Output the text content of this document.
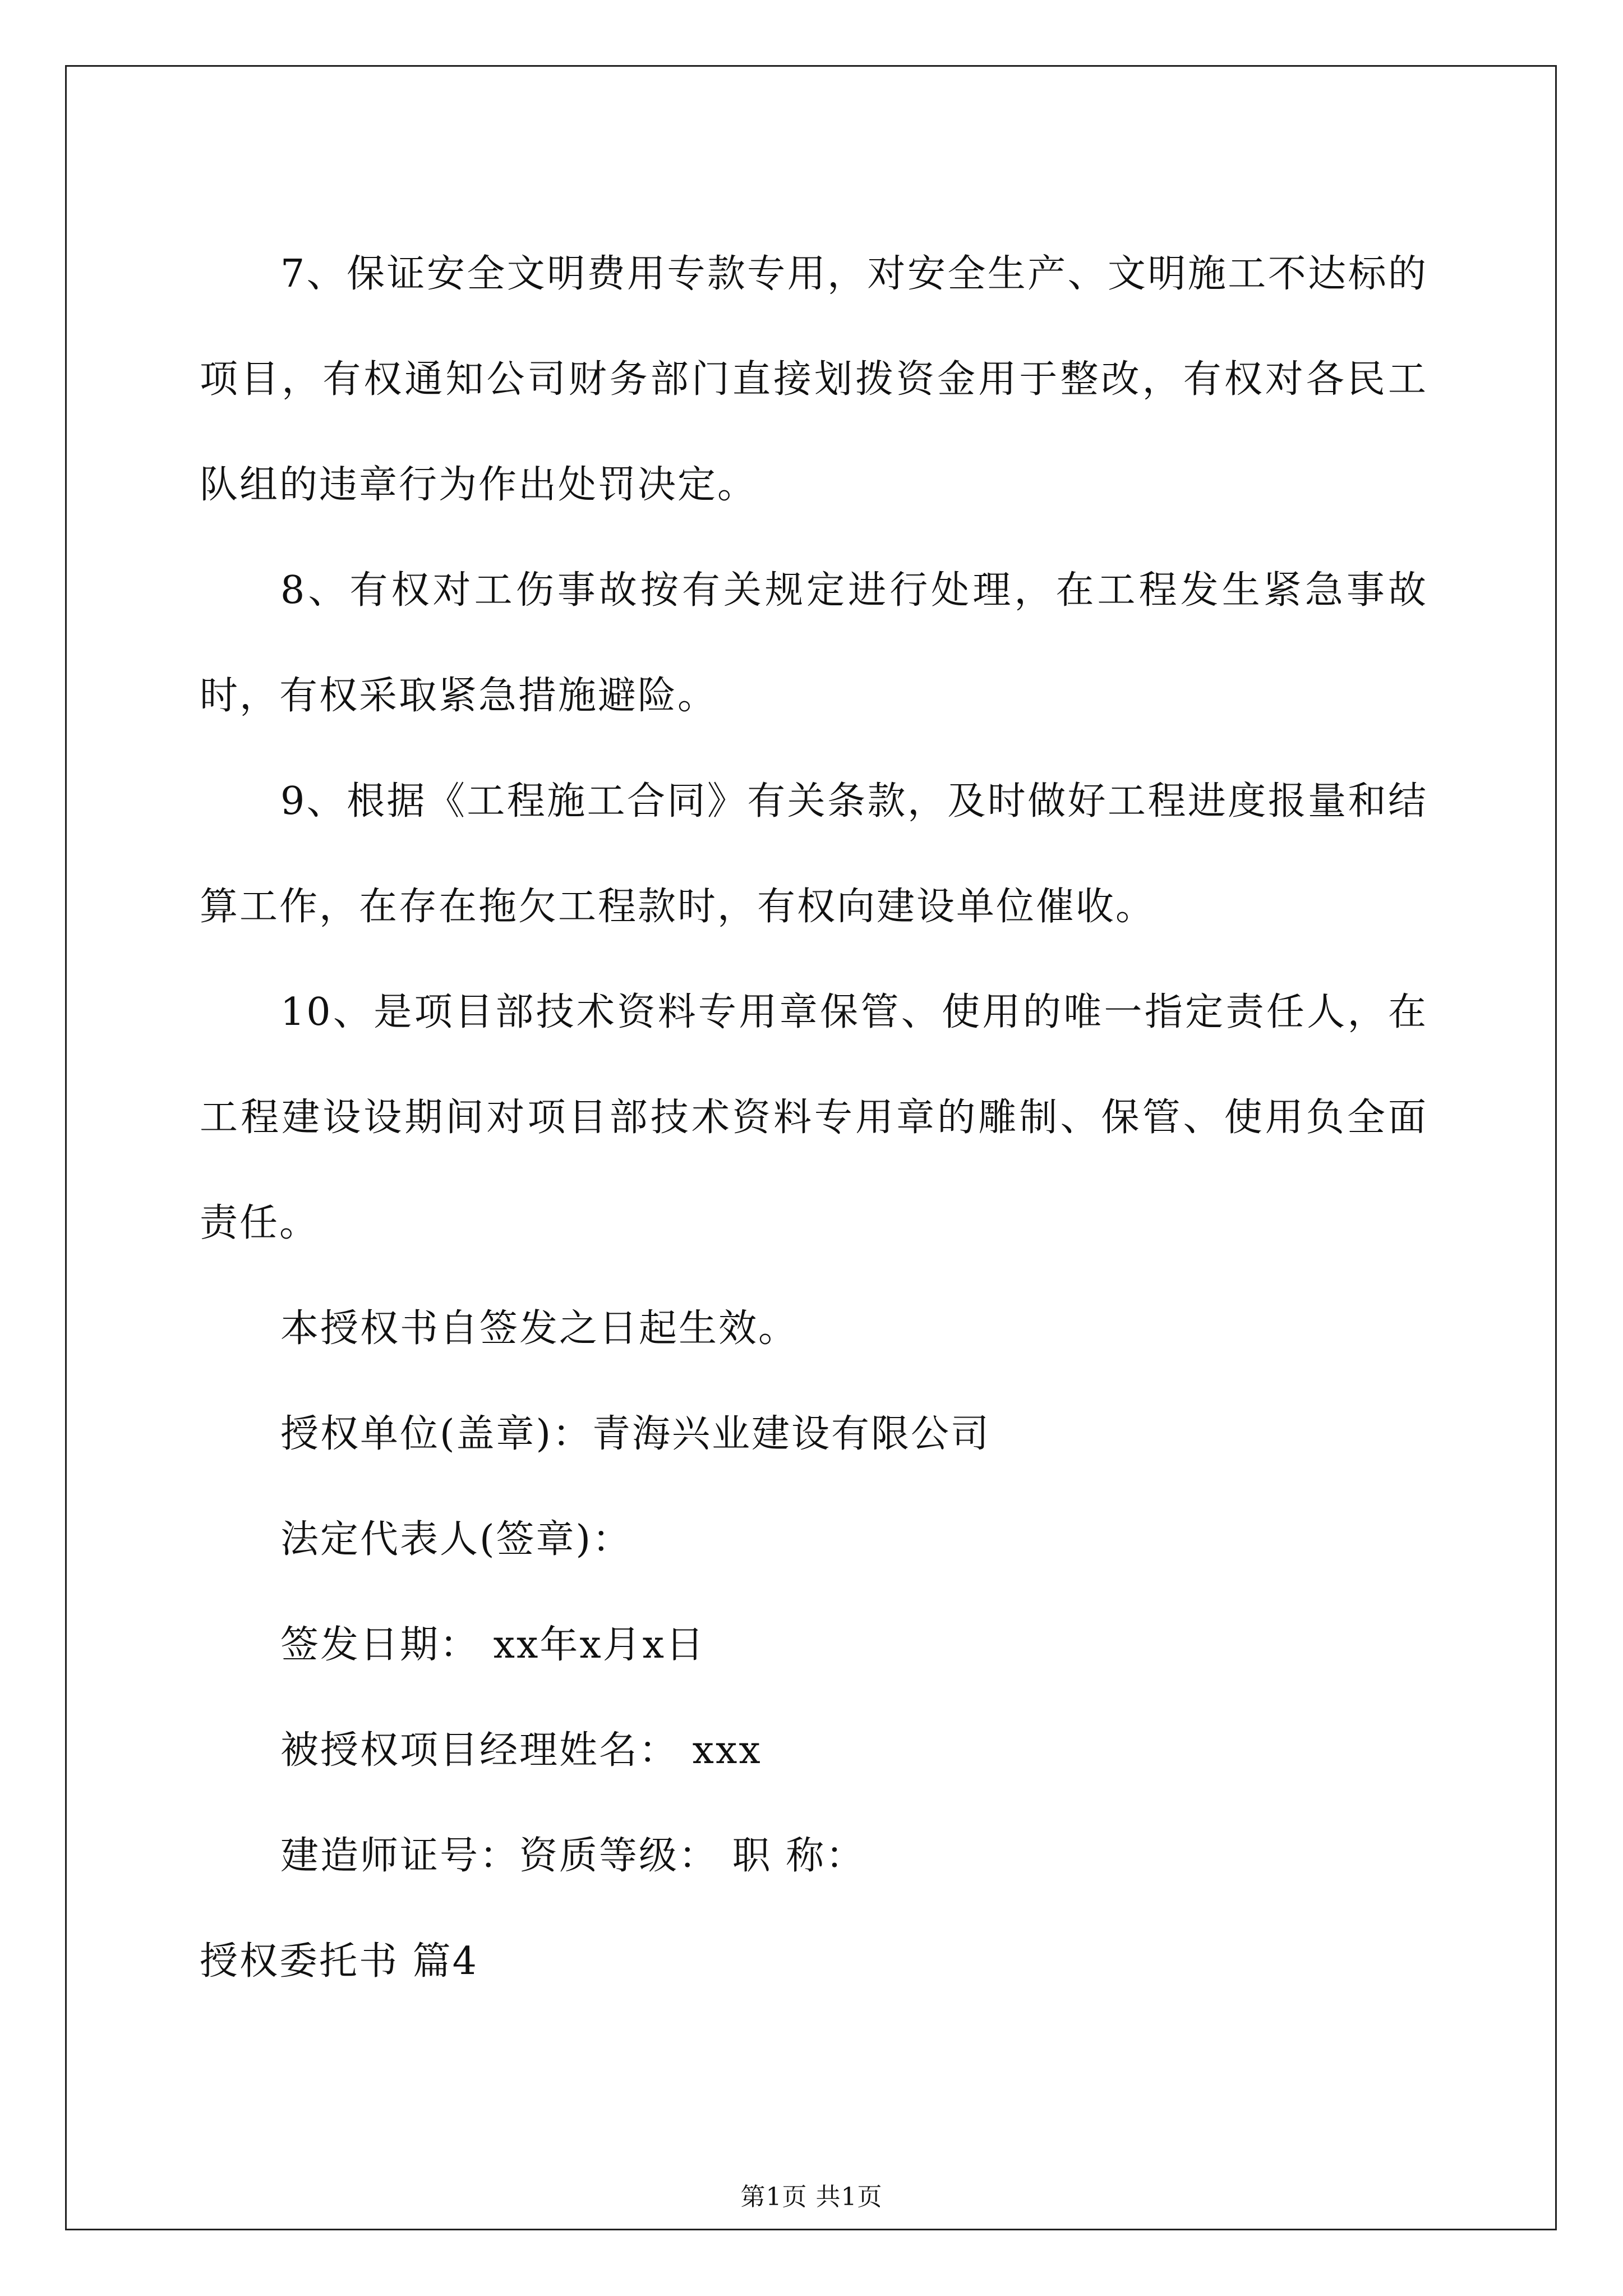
7、保证安全文明费用专款专用，对安全生产、文明施工不达标的项目，有权通知公司财务部门直接划拨资金用于整改，有权对各民工队组的违章行为作出处罚决定。

8、有权对工伤事故按有关规定进行处理，在工程发生紧急事故时，有权采取紧急措施避险。

9、根据《工程施工合同》有关条款，及时做好工程进度报量和结算工作，在存在拖欠工程款时，有权向建设单位催收。

10、是项目部技术资料专用章保管、使用的唯一指定责任人，在工程建设设期间对项目部技术资料专用章的雕制、保管、使用负全面责任。

本授权书自签发之日起生效。

授权单位(盖章)：青海兴业建设有限公司

法定代表人(签章)：

签发日期： xx年x月x日

被授权项目经理姓名： xxx

建造师证号：资质等级： 职 称：

授权委托书 篇4

第1页 共1页
